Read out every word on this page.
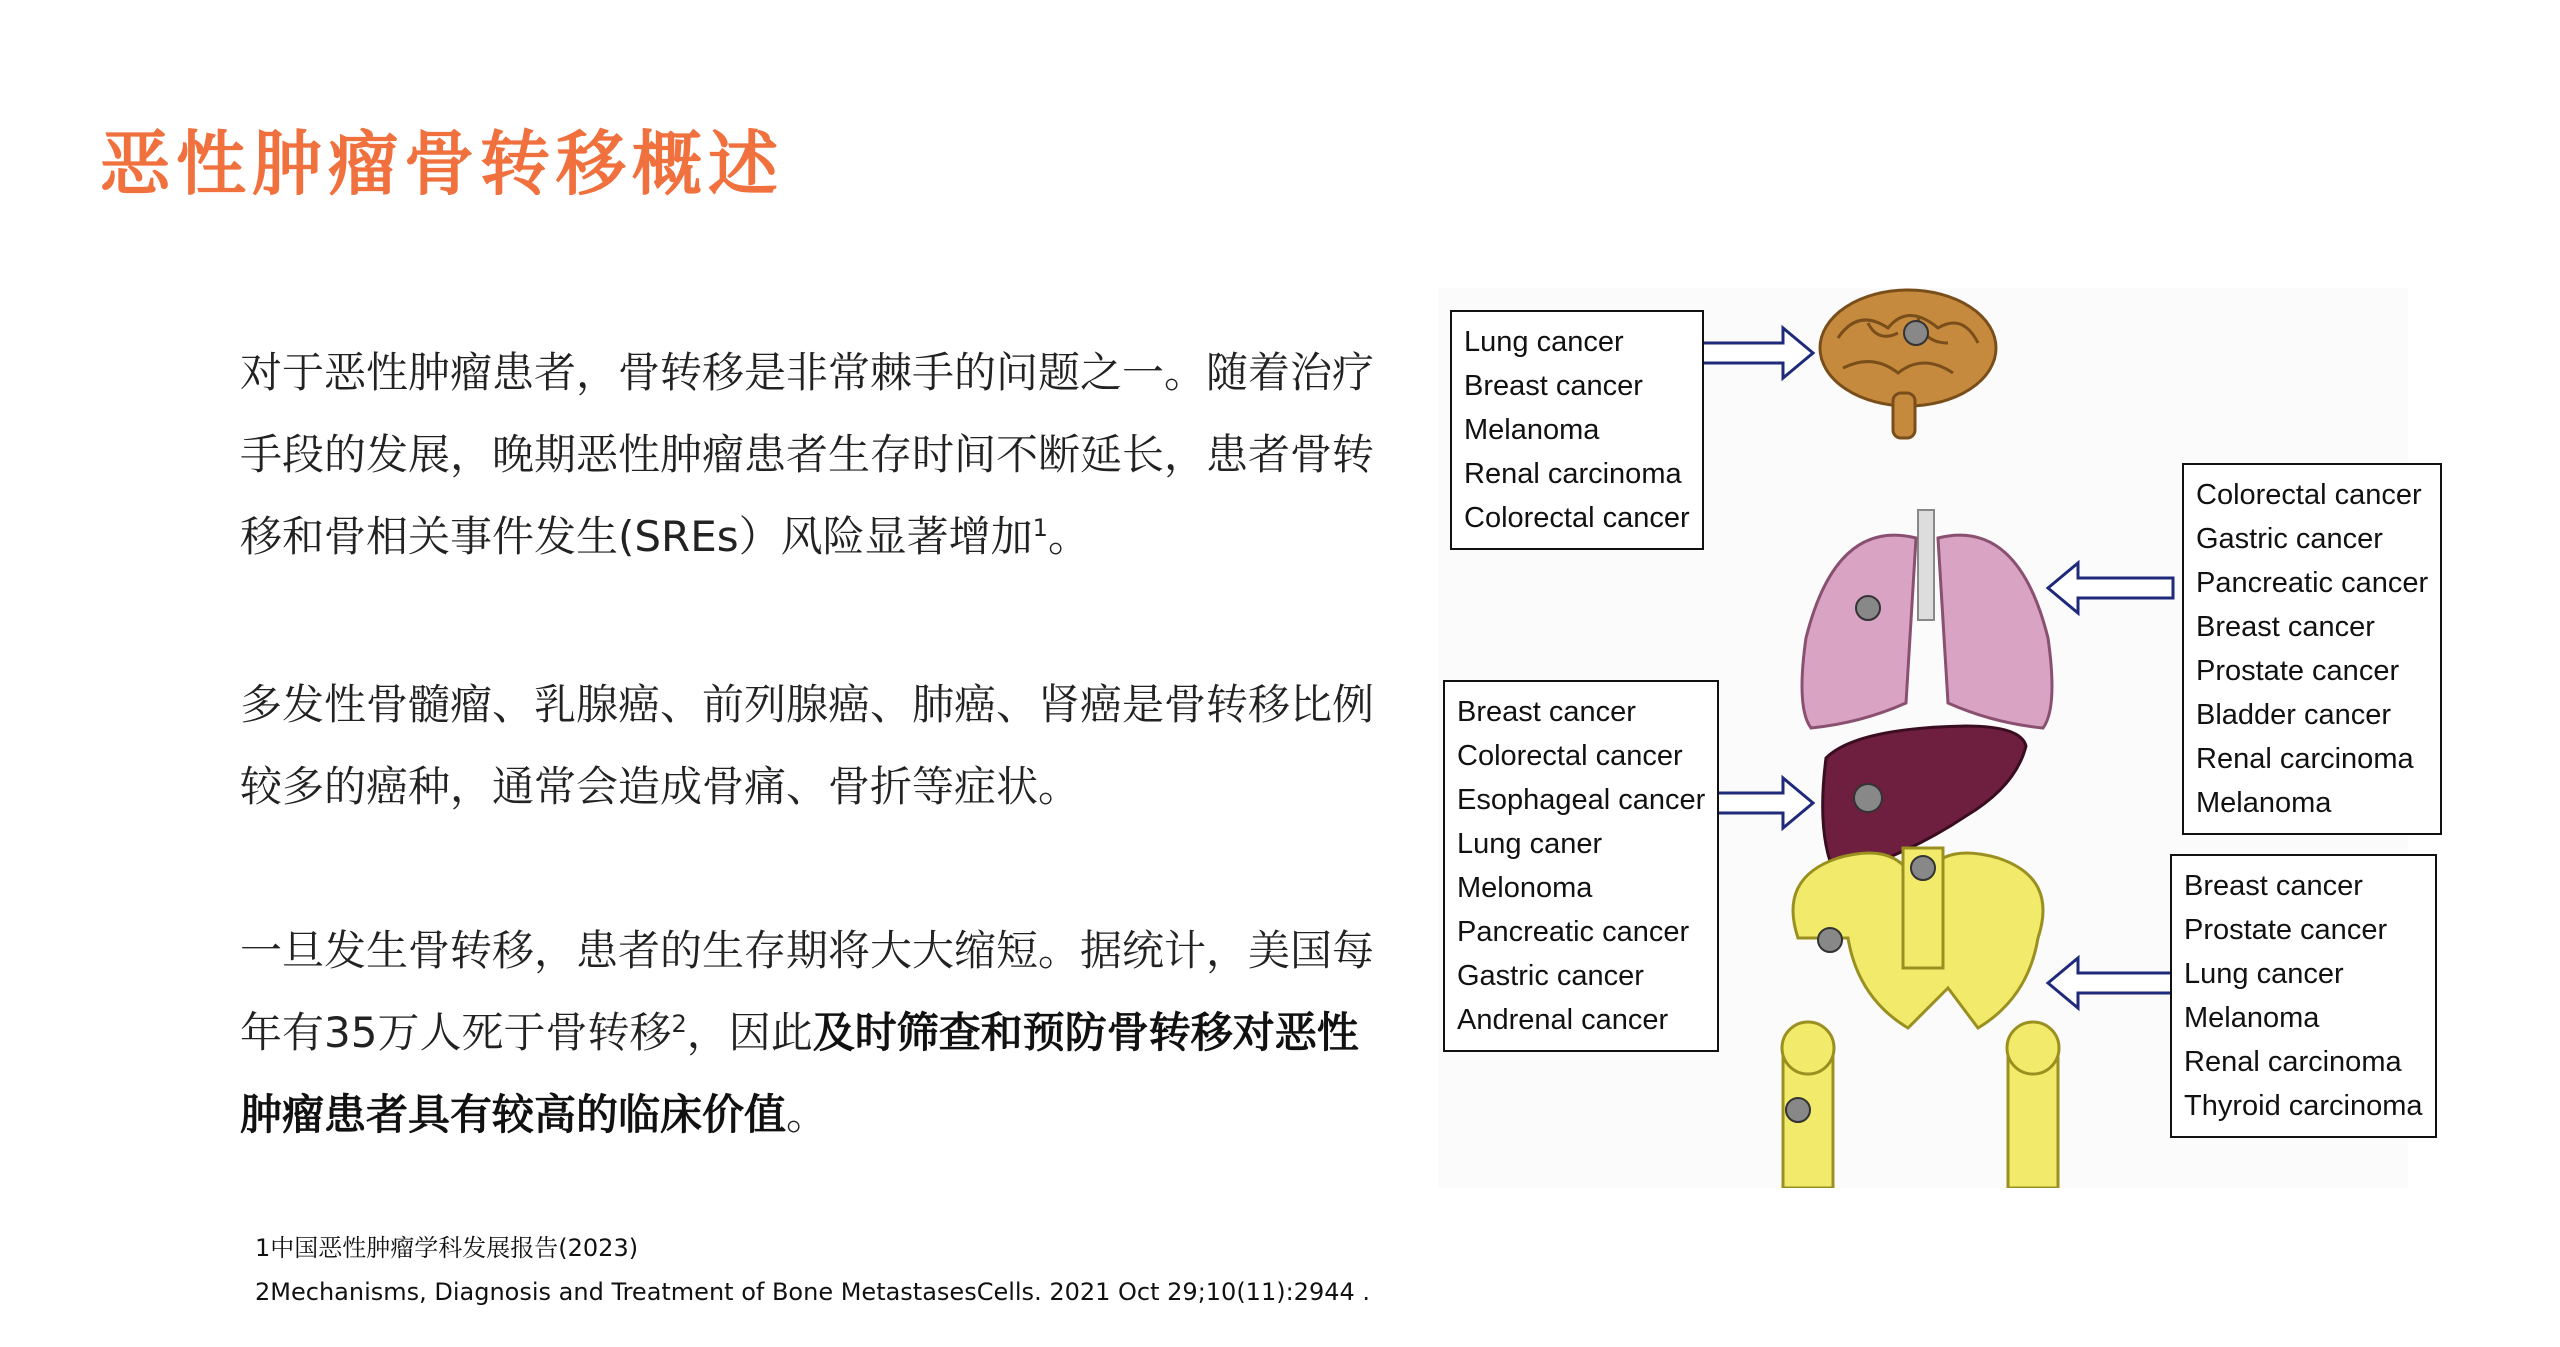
恶性肿瘤骨转移概述

对于恶性肿瘤患者，骨转移是非常棘手的问题之一。随着治疗手段的发展，晚期恶性肿瘤患者生存时间不断延长，患者骨转移和骨相关事件发生(SREs）风险显著增加$^1$。

多发性骨髓瘤、乳腺癌、前列腺癌、肺癌、肾癌是骨转移比例较多的癌种，通常会造成骨痛、骨折等症状。

一旦发生骨转移，患者的生存期将大大缩短。据统计，美国每年有35万人死于骨转移$^2$，因此及时筛查和预防骨转移对恶性肿瘤患者具有较高的临床价值。

1中国恶性肿瘤学科发展报告(2023)
2Mechanisms, Diagnosis and Treatment of Bone MetastasesCells. 2021 Oct 29;10(11):2944 .
Lung cancer
Breast cancer
Melanoma
Renal carcinoma
Colorectal cancer
Colorectal cancer
Gastric cancer
Pancreatic cancer
Breast cancer
Prostate cancer
Bladder cancer
Renal carcinoma
Melanoma
Breast cancer
Colorectal cancer
Esophageal cancer
Lung caner
Melonoma
Pancreatic cancer
Gastric cancer
Andrenal cancer
Breast cancer
Prostate cancer
Lung cancer
Melanoma
Renal carcinoma
Thyroid carcinoma
